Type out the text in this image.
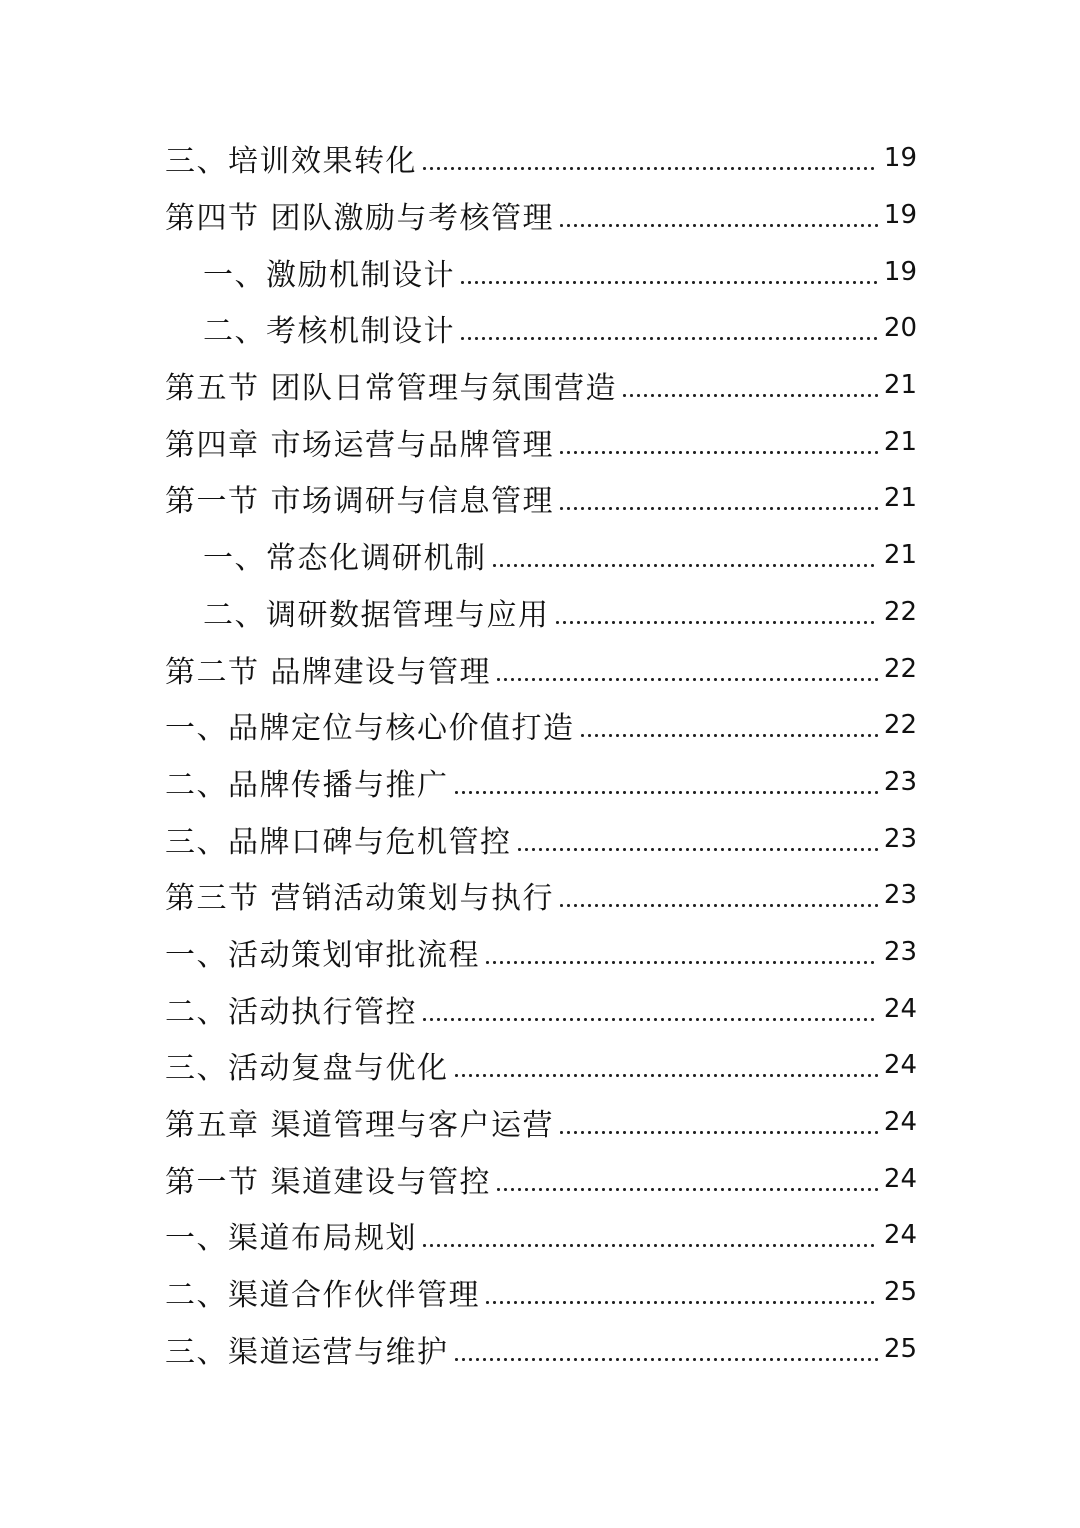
三、培训效果转化	19
第四节 团队激励与考核管理	19
一、激励机制设计	19
二、考核机制设计	20
第五节 团队日常管理与氛围营造	21
第四章 市场运营与品牌管理	21
第一节 市场调研与信息管理	21
一、常态化调研机制	21
二、调研数据管理与应用	22
第二节 品牌建设与管理	22
一、品牌定位与核心价值打造	22
二、品牌传播与推广	23
三、品牌口碑与危机管控	23
第三节 营销活动策划与执行	23
一、活动策划审批流程	23
二、活动执行管控	24
三、活动复盘与优化	24
第五章 渠道管理与客户运营	24
第一节 渠道建设与管控	24
一、渠道布局规划	24
二、渠道合作伙伴管理	25
三、渠道运营与维护	25
